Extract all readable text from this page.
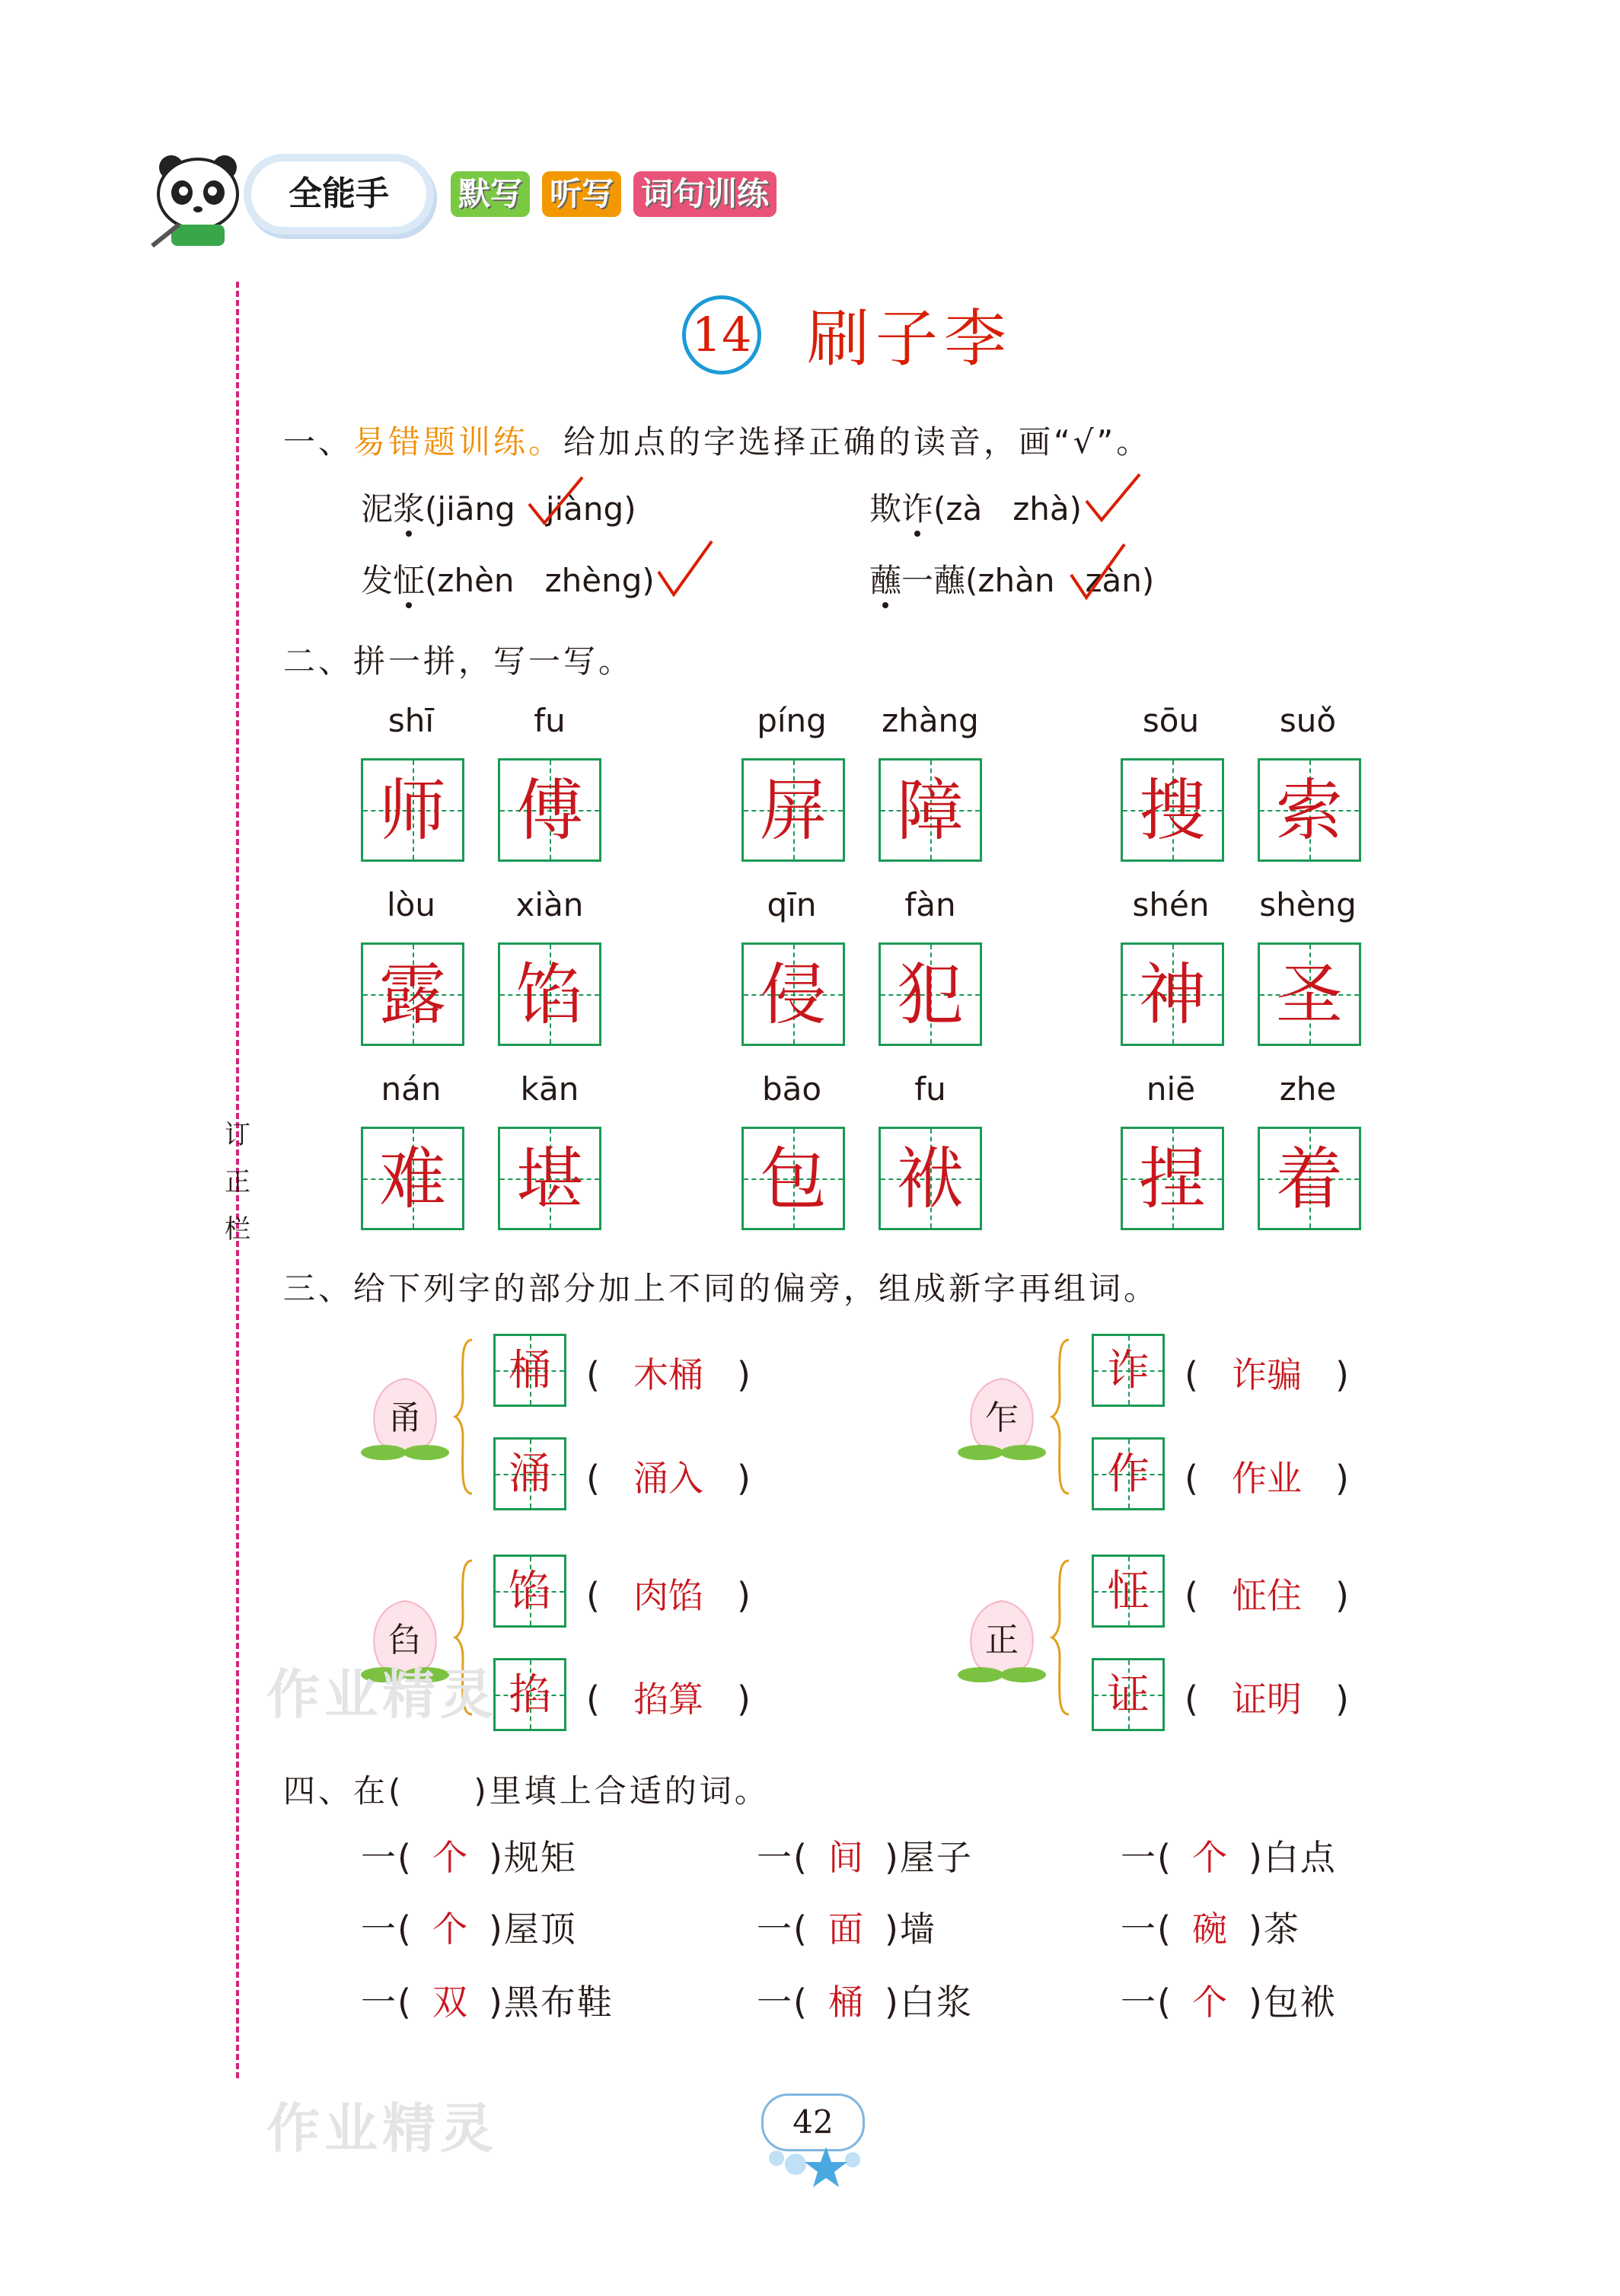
全能手	默写 听写 词句训练
订
正
栏
14 刷子李
一、易错题训练。给加点的字选择正确的读音，画“√”。
泥浆(jiāng jiàng)	欺诈(zà zhà)
发怔(zhèn zhèng)	蘸一蘸(zhàn zàn)
二、拼一拼，写一写。
shī	fu
师 傅
píng	zhàng
屏 障
sōu	suǒ
搜 索
lòu	xiàn
露 馅
qīn	fàn
侵 犯
shén	shèng
神 圣
nán	kān
难 堪
bāo	fu
包 袱
niē	zhe
捏 着
三、给下列字的部分加上不同的偏旁，组成新字再组词。
甬
桶	( 木桶 )
涌	( 涌入 )
乍
诈	( 诈骗 )
作	( 作业 )
臽
馅	( 肉馅 )
掐	( 掐算 )
正
怔	( 怔住 )
证	( 证明 )
四、在(　　)里填上合适的词。
一( 个 )规矩	一( 间 )屋子	一( 个 )白点
一( 个 )屋顶	一( 面 )墙	一( 碗 )茶
一( 双 )黑布鞋	一( 桶 )白浆	一( 个 )包袱
作业精灵
作业精灵	42
